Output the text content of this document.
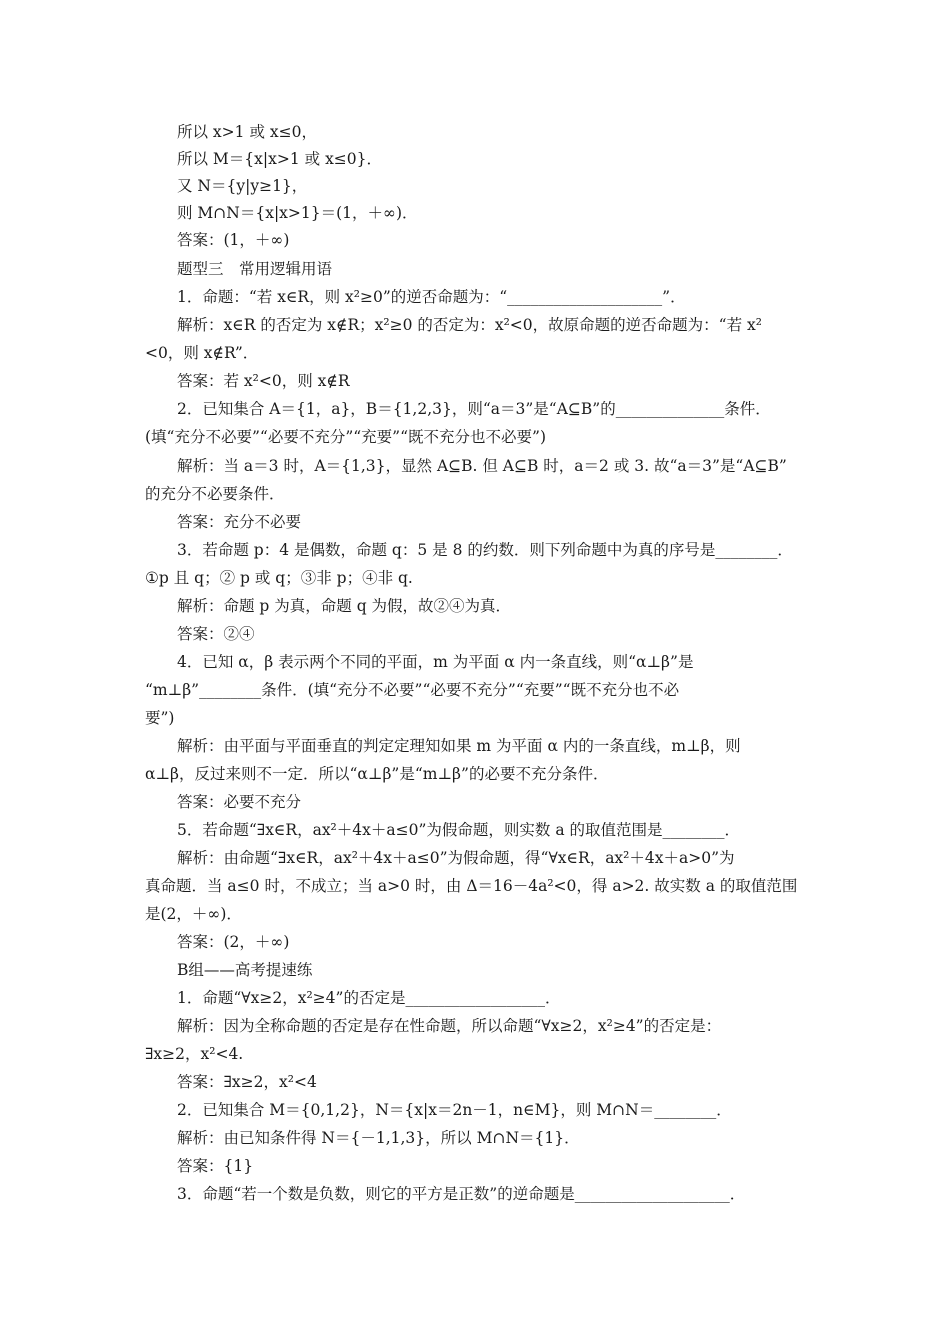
所以 x>1 或 x≤0，
所以 M＝{x|x>1 或 x≤0}．
又 N＝{y|y≥1}，
则 M∩N＝{x|x>1}＝(1，＋∞)．
答案：(1，＋∞)
题型三　常用逻辑用语
1．命题：“若 x∈R，则 x²≥0”的逆否命题为：“____________________”．
解析：x∈R 的否定为 x∉R；x²≥0 的否定为：x²<0，故原命题的逆否命题为：“若 x²
<0，则 x∉R”．
答案：若 x²<0，则 x∉R
2．已知集合 A＝{1，a}，B＝{1,2,3}，则“a＝3”是“A⊆B”的______________条件．
(填“充分不必要”“必要不充分”“充要”“既不充分也不必要”)
解析：当 a＝3 时，A＝{1,3}，显然 A⊆B. 但 A⊆B 时，a＝2 或 3. 故“a＝3”是“A⊆B”
的充分不必要条件．
答案：充分不必要
3．若命题 p：4 是偶数，命题 q：5 是 8 的约数．则下列命题中为真的序号是________．
①p 且 q；② p 或 q；③非 p；④非 q.
解析：命题 p 为真，命题 q 为假，故②④为真．
答案：②④
4．已知 α，β 表示两个不同的平面，m 为平面 α 内一条直线，则“α⊥β”是
“m⊥β”________条件．(填“充分不必要”“必要不充分”“充要”“既不充分也不必
要”)
解析：由平面与平面垂直的判定定理知如果 m 为平面 α 内的一条直线，m⊥β，则
α⊥β，反过来则不一定．所以“α⊥β”是“m⊥β”的必要不充分条件．
答案：必要不充分
5．若命题“∃x∈R，ax²＋4x＋a≤0”为假命题，则实数 a 的取值范围是________．
解析：由命题“∃x∈R，ax²＋4x＋a≤0”为假命题，得“∀x∈R，ax²＋4x＋a>0”为
真命题．当 a≤0 时，不成立；当 a>0 时，由 Δ＝16－4a²<0，得 a>2. 故实数 a 的取值范围
是(2，＋∞)．
答案：(2，＋∞)
B组——高考提速练
1．命题“∀x≥2，x²≥4”的否定是__________________．
解析：因为全称命题的否定是存在性命题，所以命题“∀x≥2，x²≥4”的否定是：
∃x≥2，x²<4.
答案：∃x≥2，x²<4
2．已知集合 M＝{0,1,2}，N＝{x|x＝2n－1，n∈M}，则 M∩N＝________．
解析：由已知条件得 N＝{－1,1,3}，所以 M∩N＝{1}．
答案：{1}
3．命题“若一个数是负数，则它的平方是正数”的逆命题是____________________．
